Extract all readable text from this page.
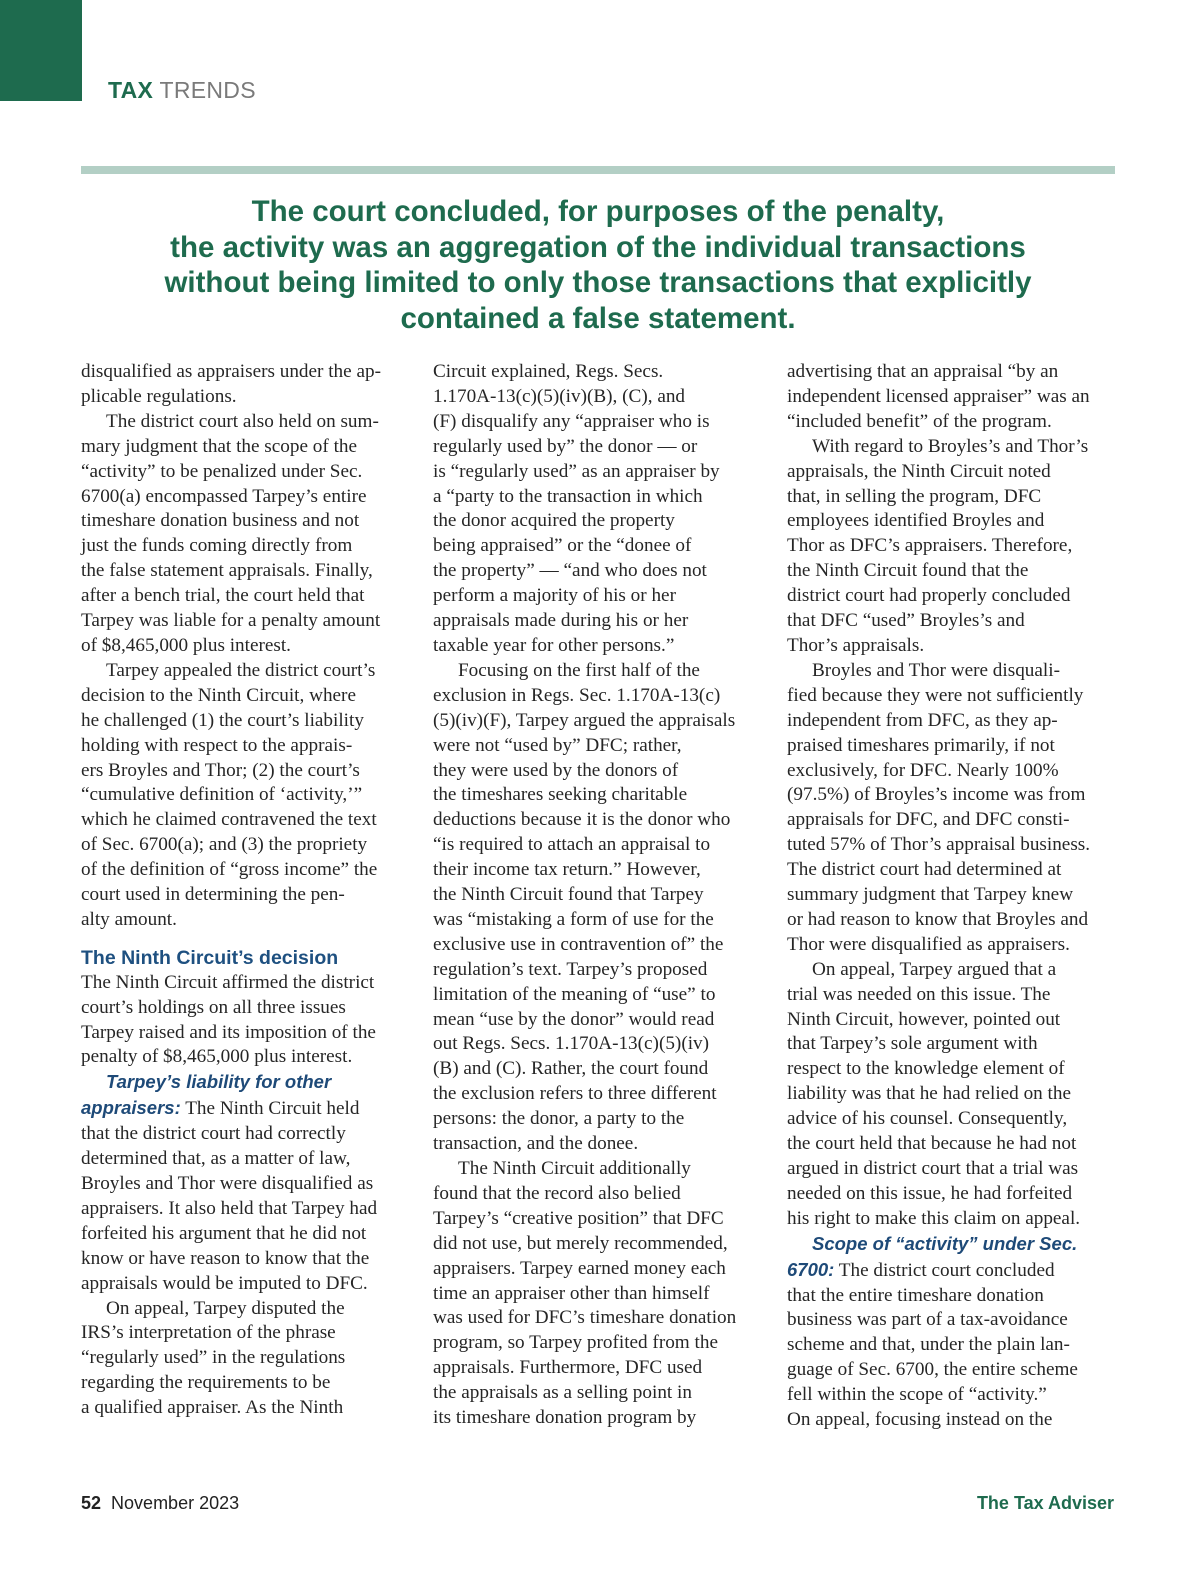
TAX TRENDS
The court concluded, for purposes of the penalty,
the activity was an aggregation of the individual transactions
without being limited to only those transactions that explicitly
contained a false statement.
disqualified as appraisers under the ap-
plicable regulations.
The district court also held on sum-
mary judgment that the scope of the
“activity” to be penalized under Sec.
6700(a) encompassed Tarpey’s entire
timeshare donation business and not
just the funds coming directly from
the false statement appraisals. Finally,
after a bench trial, the court held that
Tarpey was liable for a penalty amount
of $8,465,000 plus interest.
Tarpey appealed the district court’s
decision to the Ninth Circuit, where
he challenged (1) the court’s liability
holding with respect to the apprais-
ers Broyles and Thor; (2) the court’s
“cumulative definition of ‘activity,’”
which he claimed contravened the text
of Sec. 6700(a); and (3) the propriety
of the definition of “gross income” the
court used in determining the pen-
alty amount.
The Ninth Circuit’s decision
The Ninth Circuit affirmed the district
court’s holdings on all three issues
Tarpey raised and its imposition of the
penalty of $8,465,000 plus interest.
Tarpey’s liability for other
appraisers: The Ninth Circuit held
that the district court had correctly
determined that, as a matter of law,
Broyles and Thor were disqualified as
appraisers. It also held that Tarpey had
forfeited his argument that he did not
know or have reason to know that the
appraisals would be imputed to DFC.
On appeal, Tarpey disputed the
IRS’s interpretation of the phrase
“regularly used” in the regulations
regarding the requirements to be
a qualified appraiser. As the Ninth
Circuit explained, Regs. Secs.
1.170A-13(c)(5)(iv)(B), (C), and
(F) disqualify any “appraiser who is
regularly used by” the donor — or
is “regularly used” as an appraiser by
a “party to the transaction in which
the donor acquired the property
being appraised” or the “donee of
the property” — “and who does not
perform a majority of his or her
appraisals made during his or her
taxable year for other persons.”
Focusing on the first half of the
exclusion in Regs. Sec. 1.170A-13(c)
(5)(iv)(F), Tarpey argued the appraisals
were not “used by” DFC; rather,
they were used by the donors of
the timeshares seeking charitable
deductions because it is the donor who
“is required to attach an appraisal to
their income tax return.” However,
the Ninth Circuit found that Tarpey
was “mistaking a form of use for the
exclusive use in contravention of” the
regulation’s text. Tarpey’s proposed
limitation of the meaning of “use” to
mean “use by the donor” would read
out Regs. Secs. 1.170A-13(c)(5)(iv)
(B) and (C). Rather, the court found
the exclusion refers to three different
persons: the donor, a party to the
transaction, and the donee.
The Ninth Circuit additionally
found that the record also belied
Tarpey’s “creative position” that DFC
did not use, but merely recommended,
appraisers. Tarpey earned money each
time an appraiser other than himself
was used for DFC’s timeshare donation
program, so Tarpey profited from the
appraisals. Furthermore, DFC used
the appraisals as a selling point in
its timeshare donation program by
advertising that an appraisal “by an
independent licensed appraiser” was an
“included benefit” of the program.
With regard to Broyles’s and Thor’s
appraisals, the Ninth Circuit noted
that, in selling the program, DFC
employees identified Broyles and
Thor as DFC’s appraisers. Therefore,
the Ninth Circuit found that the
district court had properly concluded
that DFC “used” Broyles’s and
Thor’s appraisals.
Broyles and Thor were disquali-
fied because they were not sufficiently
independent from DFC, as they ap-
praised timeshares primarily, if not
exclusively, for DFC. Nearly 100%
(97.5%) of Broyles’s income was from
appraisals for DFC, and DFC consti-
tuted 57% of Thor’s appraisal business.
The district court had determined at
summary judgment that Tarpey knew
or had reason to know that Broyles and
Thor were disqualified as appraisers.
On appeal, Tarpey argued that a
trial was needed on this issue. The
Ninth Circuit, however, pointed out
that Tarpey’s sole argument with
respect to the knowledge element of
liability was that he had relied on the
advice of his counsel. Consequently,
the court held that because he had not
argued in district court that a trial was
needed on this issue, he had forfeited
his right to make this claim on appeal.
Scope of “activity” under Sec.
6700: The district court concluded
that the entire timeshare donation
business was part of a tax-avoidance
scheme and that, under the plain lan-
guage of Sec. 6700, the entire scheme
fell within the scope of “activity.”
On appeal, focusing instead on the
52 November 2023	The Tax Adviser
